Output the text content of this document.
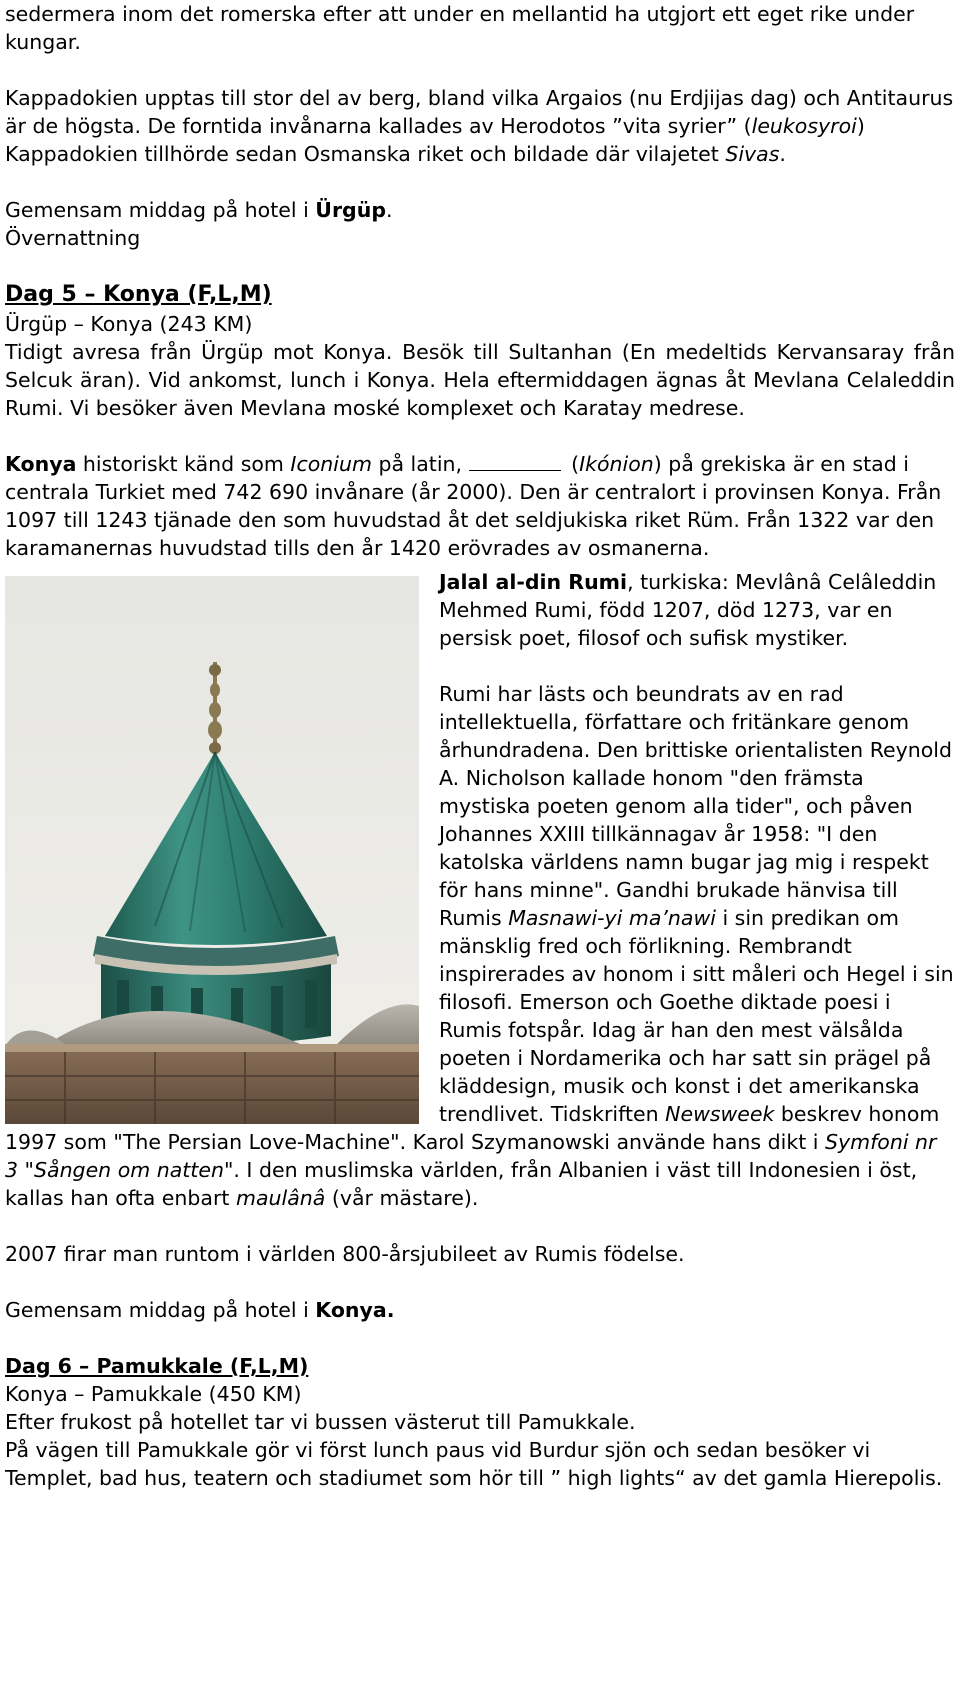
sedermera inom det romerska efter att under en mellantid ha utgjort ett eget rike under kungar.

Kappadokien upptas till stor del av berg, bland vilka Argaios (nu Erdjijas dag) och Antitaurus är de högsta. De forntida invånarna kallades av Herodotos ”vita syrier” (leukosyroi) Kappadokien tillhörde sedan Osmanska riket och bildade där vilajetet Sivas.

Gemensam middag på hotel i Ürgüp.

Övernattning

Dag 5 – Konya (F,L,M)

Ürgüp – Konya (243 KM)

Tidigt avresa från Ürgüp mot Konya. Besök till Sultanhan (En medeltids Kervansaray från Selcuk äran). Vid ankomst, lunch i Konya. Hela eftermiddagen ägnas åt Mevlana Celaleddin Rumi. Vi besöker även Mevlana moské komplexet och Karatay medrese.

Konya historiskt känd som Iconium på latin,	(Ikónion) på grekiska är en stad i centrala Turkiet med 742 690 invånare (år 2000). Den är centralort i provinsen Konya. Från 1097 till 1243 tjänade den som huvudstad åt det seldjukiska riket Rüm. Från 1322 var den karamanernas huvudstad tills den år 1420 erövrades av osmanerna.

Jalal al-din Rumi, turkiska: Mevlânâ Celâleddin Mehmed Rumi, född 1207, död 1273, var en persisk poet, filosof och sufisk mystiker.

Rumi har lästs och beundrats av en rad intellektuella, författare och fritänkare genom århundradena. Den brittiske orientalisten Reynold A. Nicholson kallade honom "den främsta mystiska poeten genom alla tider", och påven Johannes XXIII tillkännagav år 1958: "I den katolska världens namn bugar jag mig i respekt för hans minne". Gandhi brukade hänvisa till Rumis Masnawi-yi ma’nawi i sin predikan om mänsklig fred och förlikning. Rembrandt inspirerades av honom i sitt måleri och Hegel i sin filosofi. Emerson och Goethe diktade poesi i Rumis fotspår. Idag är han den mest välsålda poeten i Nordamerika och har satt sin prägel på kläddesign, musik och konst i det amerikanska trendlivet. Tidskriften Newsweek beskrev honom 1997 som "The Persian Love-Machine". Karol Szymanowski använde hans dikt i Symfoni nr 3 "Sången om natten". I den muslimska världen, från Albanien i väst till Indonesien i öst, kallas han ofta enbart maulânâ (vår mästare).

2007 firar man runtom i världen 800-årsjubileet av Rumis födelse.

Gemensam middag på hotel i Konya.

Dag 6 – Pamukkale (F,L,M)

Konya – Pamukkale (450 KM)

Efter frukost på hotellet tar vi bussen västerut till Pamukkale.

På vägen till Pamukkale gör vi först lunch paus vid Burdur sjön och sedan besöker vi Templet, bad hus, teatern och stadiumet som hör till ” high lights“ av det gamla Hierepolis.
